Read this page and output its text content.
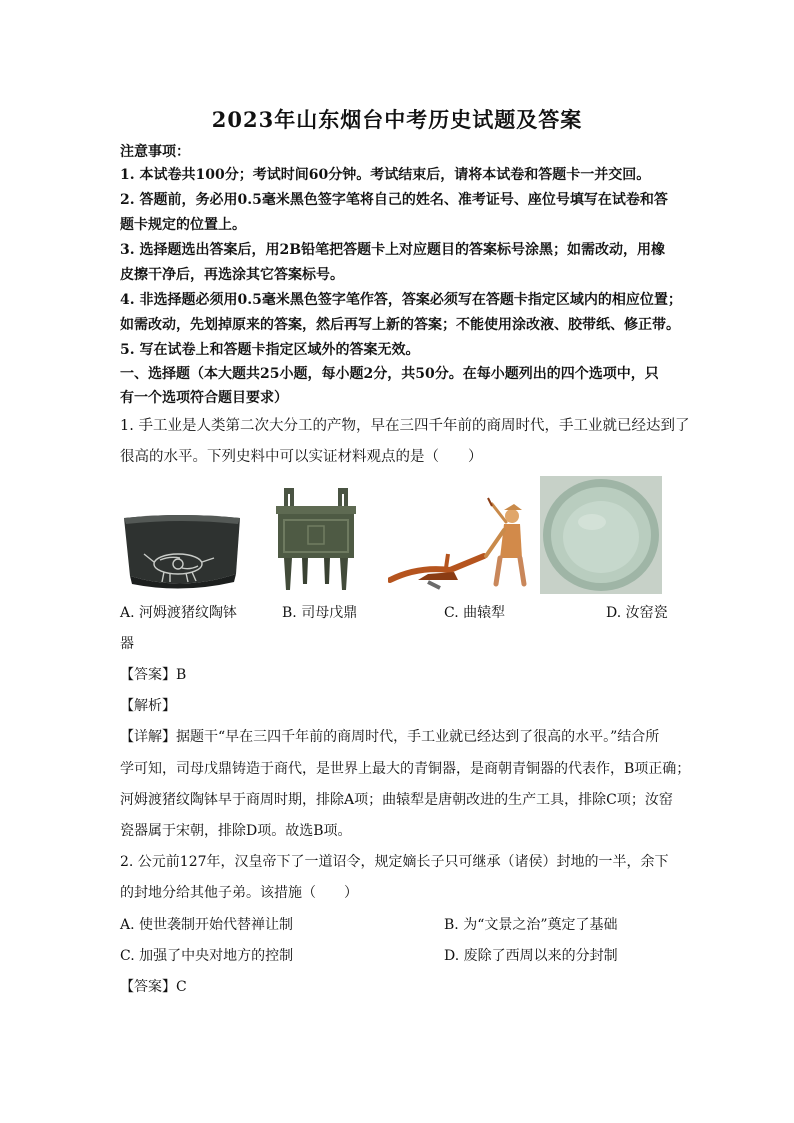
2023年山东烟台中考历史试题及答案
注意事项：
1. 本试卷共100分；考试时间60分钟。考试结束后，请将本试卷和答题卡一并交回。
2. 答题前，务必用0.5毫米黑色签字笔将自己的姓名、准考证号、座位号填写在试卷和答
题卡规定的位置上。
3. 选择题选出答案后，用2B铅笔把答题卡上对应题目的答案标号涂黑；如需改动，用橡
皮擦干净后，再选涂其它答案标号。
4. 非选择题必须用0.5毫米黑色签字笔作答，答案必须写在答题卡指定区域内的相应位置；
如需改动，先划掉原来的答案，然后再写上新的答案；不能使用涂改液、胶带纸、修正带。
5. 写在试卷上和答题卡指定区域外的答案无效。
一、选择题（本大题共25小题，每小题2分，共50分。在每小题列出的四个选项中，只
有一个选项符合题目要求）
1. 手工业是人类第二次大分工的产物，早在三四千年前的商周时代，手工业就已经达到了
很高的水平。下列史料中可以实证材料观点的是（　　）
A. 河姆渡猪纹陶钵	B. 司母戊鼎	C. 曲辕犁	D. 汝窑瓷
器
【答案】B
【解析】
【详解】据题干“早在三四千年前的商周时代，手工业就已经达到了很高的水平。”结合所
学可知，司母戊鼎铸造于商代，是世界上最大的青铜器，是商朝青铜器的代表作，B项正确；
河姆渡猪纹陶钵早于商周时期，排除A项；曲辕犁是唐朝改进的生产工具，排除C项；汝窑
瓷器属于宋朝，排除D项。故选B项。
2. 公元前127年，汉皇帝下了一道诏令，规定嫡长子只可继承（诸侯）封地的一半，余下
的封地分给其他子弟。该措施（　　）
A. 使世袭制开始代替禅让制	B. 为“文景之治”奠定了基础
C. 加强了中央对地方的控制	D. 废除了西周以来的分封制
【答案】C
